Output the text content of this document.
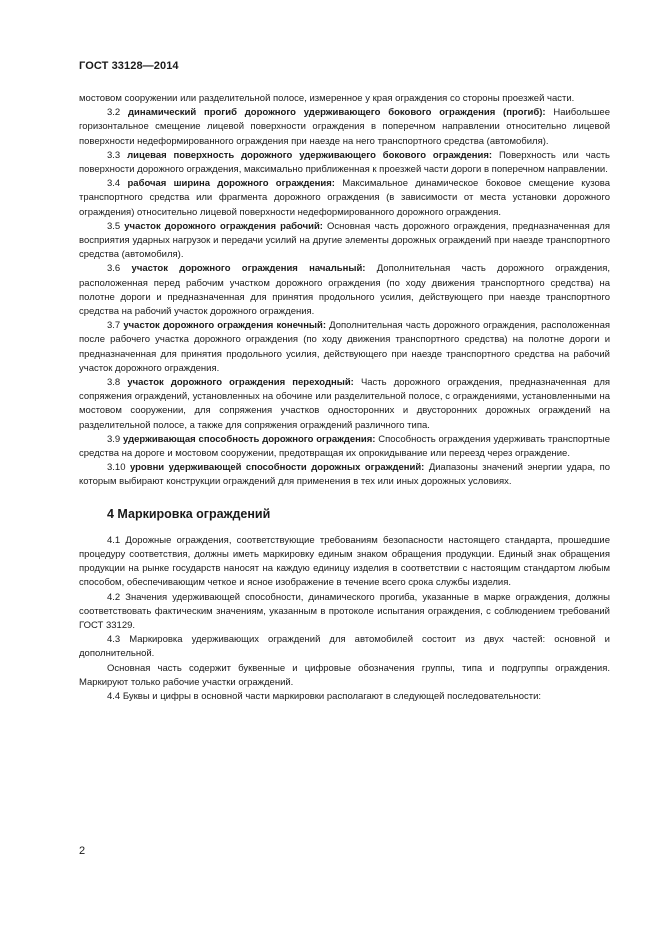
ГОСТ 33128—2014

мостовом сооружении или разделительной полосе, измеренное у края ограждения со стороны проезжей части.

3.2 динамический прогиб дорожного удерживающего бокового ограждения (прогиб): Наибольшее горизонтальное смещение лицевой поверхности ограждения в поперечном направлении относительно лицевой поверхности недеформированного ограждения при наезде на него транспортного средства (автомобиля).

3.3 лицевая поверхность дорожного удерживающего бокового ограждения: Поверхность или часть поверхности дорожного ограждения, максимально приближенная к проезжей части дороги в поперечном направлении.

3.4 рабочая ширина дорожного ограждения: Максимальное динамическое боковое смещение кузова транспортного средства или фрагмента дорожного ограждения (в зависимости от места установки дорожного ограждения) относительно лицевой поверхности недеформированного дорожного ограждения.

3.5 участок дорожного ограждения рабочий: Основная часть дорожного ограждения, предназначенная для восприятия ударных нагрузок и передачи усилий на другие элементы дорожных ограждений при наезде транспортного средства (автомобиля).

3.6 участок дорожного ограждения начальный: Дополнительная часть дорожного ограждения, расположенная перед рабочим участком дорожного ограждения (по ходу движения транспортного средства) на полотне дороги и предназначенная для принятия продольного усилия, действующего при наезде транспортного средства на рабочий участок дорожного ограждения.

3.7 участок дорожного ограждения конечный: Дополнительная часть дорожного ограждения, расположенная после рабочего участка дорожного ограждения (по ходу движения транспортного средства) на полотне дороги и предназначенная для принятия продольного усилия, действующего при наезде транспортного средства на рабочий участок дорожного ограждения.

3.8 участок дорожного ограждения переходный: Часть дорожного ограждения, предназначенная для сопряжения ограждений, установленных на обочине или разделительной полосе, с ограждениями, установленными на мостовом сооружении, для сопряжения участков односторонних и двусторонних дорожных ограждений на разделительной полосе, а также для сопряжения ограждений различного типа.

3.9 удерживающая способность дорожного ограждения: Способность ограждения удерживать транспортные средства на дороге и мостовом сооружении, предотвращая их опрокидывание или переезд через ограждение.

3.10 уровни удерживающей способности дорожных ограждений: Диапазоны значений энергии удара, по которым выбирают конструкции ограждений для применения в тех или иных дорожных условиях.

4 Маркировка ограждений

4.1 Дорожные ограждения, соответствующие требованиям безопасности настоящего стандарта, прошедшие процедуру соответствия, должны иметь маркировку единым знаком обращения продукции. Единый знак обращения продукции на рынке государств наносят на каждую единицу изделия в соответствии с настоящим стандартом любым способом, обеспечивающим четкое и ясное изображение в течение всего срока службы изделия.

4.2 Значения удерживающей способности, динамического прогиба, указанные в марке ограждения, должны соответствовать фактическим значениям, указанным в протоколе испытания ограждения, с соблюдением требований ГОСТ 33129.

4.3 Маркировка удерживающих ограждений для автомобилей состоит из двух частей: основной и дополнительной.

Основная часть содержит буквенные и цифровые обозначения группы, типа и подгруппы ограждения. Маркируют только рабочие участки ограждений.

4.4 Буквы и цифры в основной части маркировки располагают в следующей последовательности:

2
